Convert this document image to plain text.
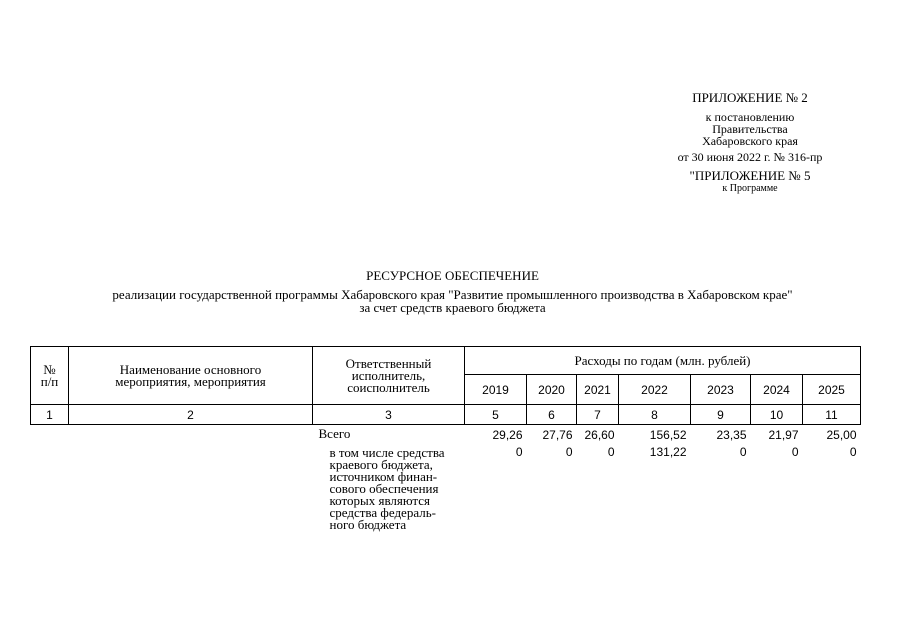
ПРИЛОЖЕНИЕ № 2
к постановлению
Правительства
Хабаровского края
от 30 июня 2022 г. № 316-пр
"ПРИЛОЖЕНИЕ № 5
к Программе
РЕСУРСНОЕ ОБЕСПЕЧЕНИЕ
реализации государственной программы Хабаровского края "Развитие промышленного производства в Хабаровском крае"
за счет средств краевого бюджета
№ п/п	Наименование основного мероприятия, мероприятия	Ответственный исполнитель, соисполнитель	Расходы по годам (млн. рублей)						
			2019	2020	2021	2022	2023	2024	2025
1	2	3	5	6	7	8	9	10	11
		Всего	29,26	27,76	26,60	156,52	23,35	21,97	25,00

		в том числе средства краевого бюджета, источником финан-сового обеспечения которых являются средства федераль-ного бюджета	0	0	0	131,22	0	0	0
